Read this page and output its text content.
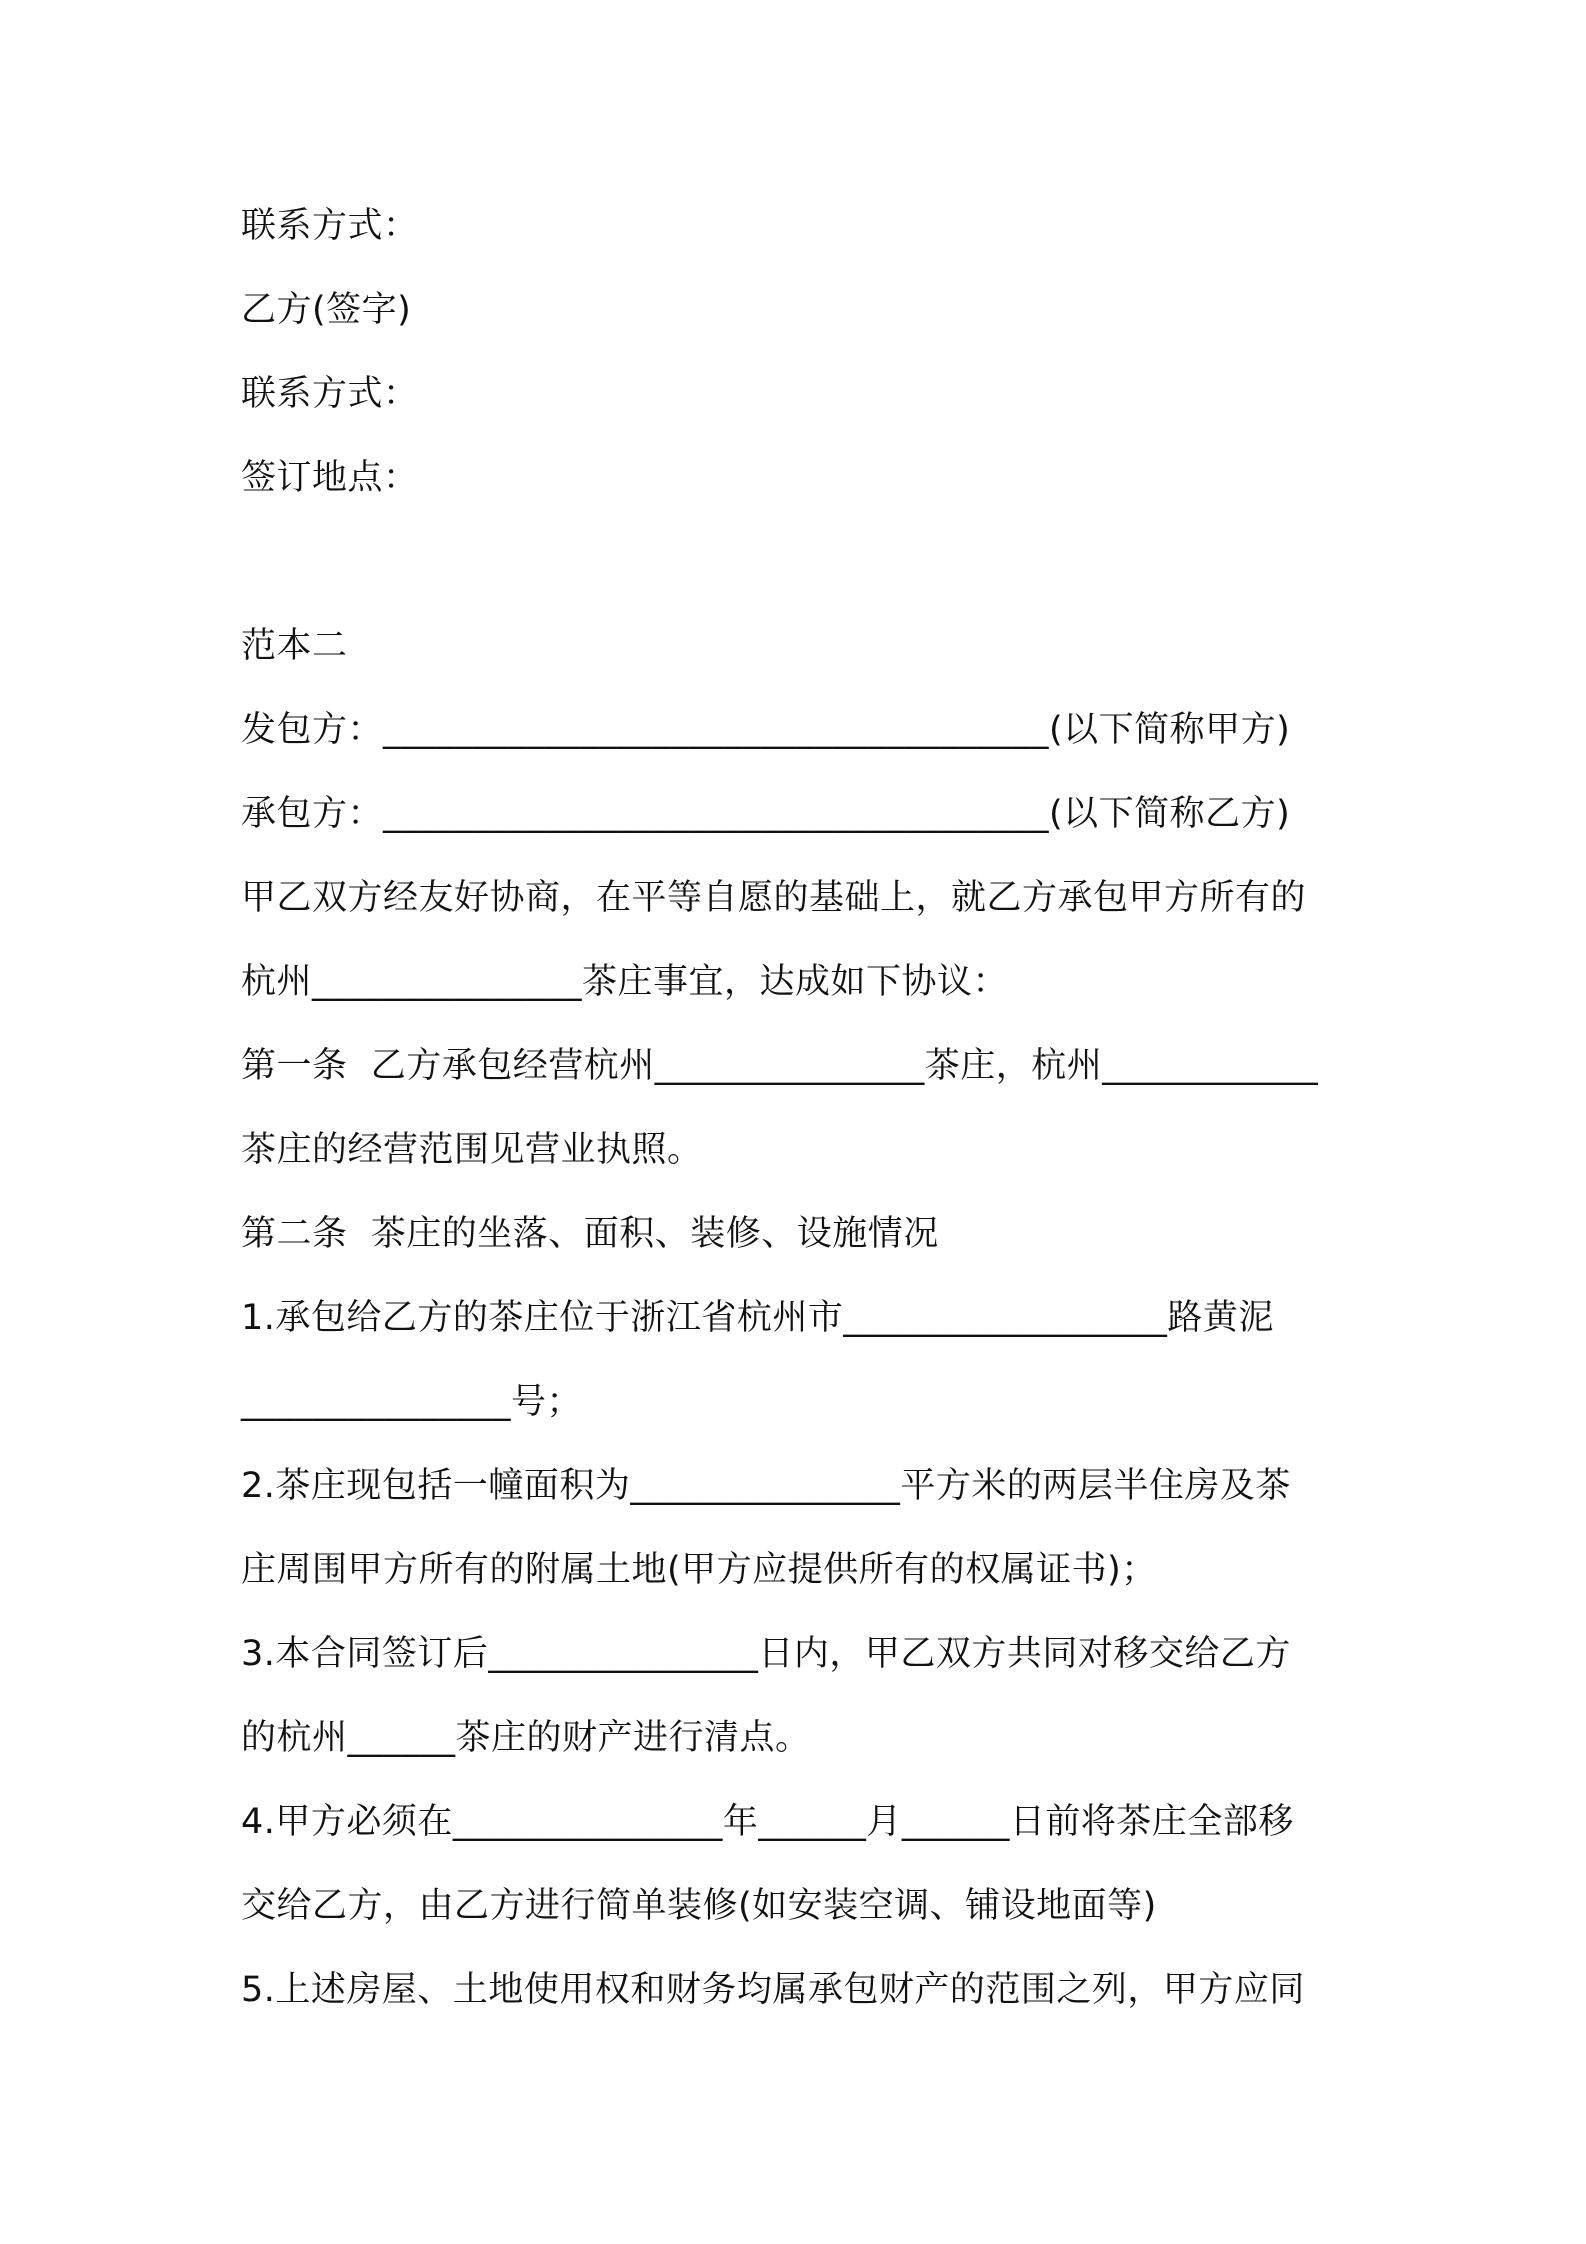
联系方式：
乙方(签字)
联系方式：
签订地点：
范本二
发包方：_____________________________________(以下简称甲方)
承包方：_____________________________________(以下简称乙方)
甲乙双方经友好协商，在平等自愿的基础上，就乙方承包甲方所有的
杭州_______________茶庄事宜，达成如下协议：
第一条  乙方承包经营杭州_______________茶庄，杭州____________
茶庄的经营范围见营业执照。
第二条  茶庄的坐落、面积、装修、设施情况
1.承包给乙方的茶庄位于浙江省杭州市__________________路黄泥
_______________号；
2.茶庄现包括一幢面积为_______________平方米的两层半住房及茶
庄周围甲方所有的附属土地(甲方应提供所有的权属证书)；
3.本合同签订后_______________日内，甲乙双方共同对移交给乙方
的杭州______茶庄的财产进行清点。
4.甲方必须在_______________年______月______日前将茶庄全部移
交给乙方，由乙方进行简单装修(如安装空调、铺设地面等)
5.上述房屋、土地使用权和财务均属承包财产的范围之列，甲方应同
